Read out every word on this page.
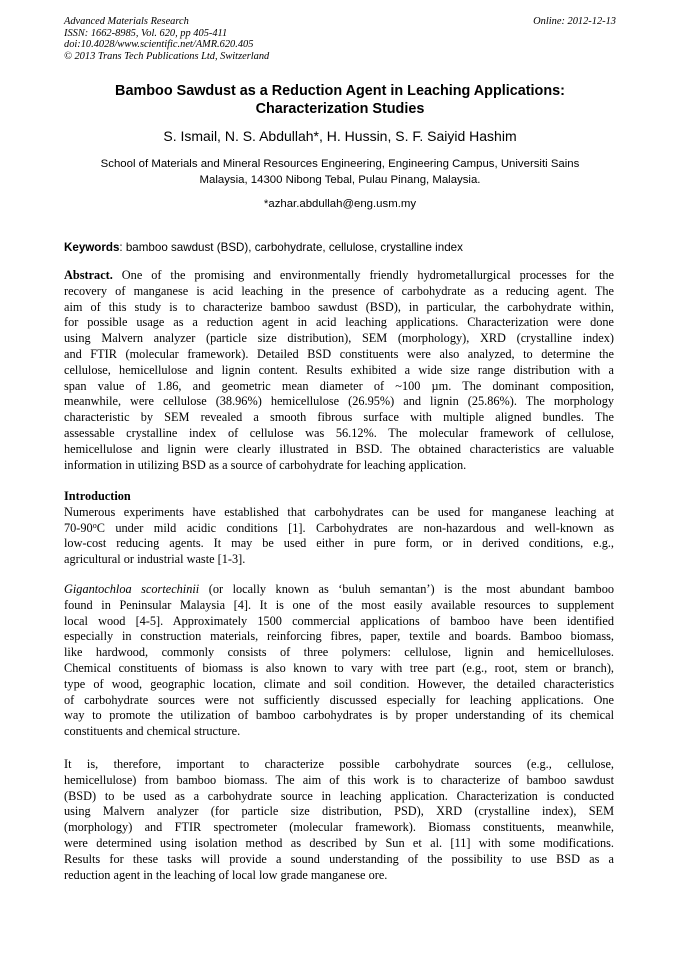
Advanced Materials Research
ISSN: 1662-8985, Vol. 620, pp 405-411
doi:10.4028/www.scientific.net/AMR.620.405
© 2013 Trans Tech Publications Ltd, Switzerland
Online: 2012-12-13
Bamboo Sawdust as a Reduction Agent in Leaching Applications:
Characterization Studies
S. Ismail, N. S. Abdullah*, H. Hussin, S. F. Saiyid Hashim
School of Materials and Mineral Resources Engineering, Engineering Campus, Universiti Sains
Malaysia, 14300 Nibong Tebal, Pulau Pinang, Malaysia.
*azhar.abdullah@eng.usm.my
Keywords: bamboo sawdust (BSD), carbohydrate, cellulose, crystalline index
Abstract. One of the promising and environmentally friendly hydrometallurgical processes for the
recovery of manganese is acid leaching in the presence of carbohydrate as a reducing agent. The
aim of this study is to characterize bamboo sawdust (BSD), in particular, the carbohydrate within,
for possible usage as a reduction agent in acid leaching applications. Characterization were done
using Malvern analyzer (particle size distribution), SEM (morphology), XRD (crystalline index)
and FTIR (molecular framework). Detailed BSD constituents were also analyzed, to determine the
cellulose, hemicellulose and lignin content. Results exhibited a wide size range distribution with a
span value of 1.86, and geometric mean diameter of ~100 µm. The dominant composition,
meanwhile, were cellulose (38.96%) hemicellulose (26.95%) and lignin (25.86%). The morphology
characteristic by SEM revealed a smooth fibrous surface with multiple aligned bundles. The
assessable crystalline index of cellulose was 56.12%. The molecular framework of cellulose,
hemicellulose and lignin were clearly illustrated in BSD. The obtained characteristics are valuable
information in utilizing BSD as a source of carbohydrate for leaching application.
Introduction
Numerous experiments have established that carbohydrates can be used for manganese leaching at
70-90$^o$C under mild acidic conditions [1]. Carbohydrates are non-hazardous and well-known as
low-cost reducing agents. It may be used either in pure form, or in derived conditions, e.g.,
agricultural or industrial waste [1-3].
Gigantochloa scortechinii (or locally known as ‘buluh semantan’) is the most abundant bamboo
found in Peninsular Malaysia [4]. It is one of the most easily available resources to supplement
local wood [4-5]. Approximately 1500 commercial applications of bamboo have been identified
especially in construction materials, reinforcing fibres, paper, textile and boards. Bamboo biomass,
like hardwood, commonly consists of three polymers: cellulose, lignin and hemicelluloses.
Chemical constituents of biomass is also known to vary with tree part (e.g., root, stem or branch),
type of wood, geographic location, climate and soil condition. However, the detailed characteristics
of carbohydrate sources were not sufficiently discussed especially for leaching applications. One
way to promote the utilization of bamboo carbohydrates is by proper understanding of its chemical
constituents and chemical structure.
It is, therefore, important to characterize possible carbohydrate sources (e.g., cellulose,
hemicellulose) from bamboo biomass. The aim of this work is to characterize of bamboo sawdust
(BSD) to be used as a carbohydrate source in leaching application. Characterization is conducted
using Malvern analyzer (for particle size distribution, PSD), XRD (crystalline index), SEM
(morphology) and FTIR spectrometer (molecular framework). Biomass constituents, meanwhile,
were determined using isolation method as described by Sun et al. [11] with some modifications.
Results for these tasks will provide a sound understanding of the possibility to use BSD as a
reduction agent in the leaching of local low grade manganese ore.
